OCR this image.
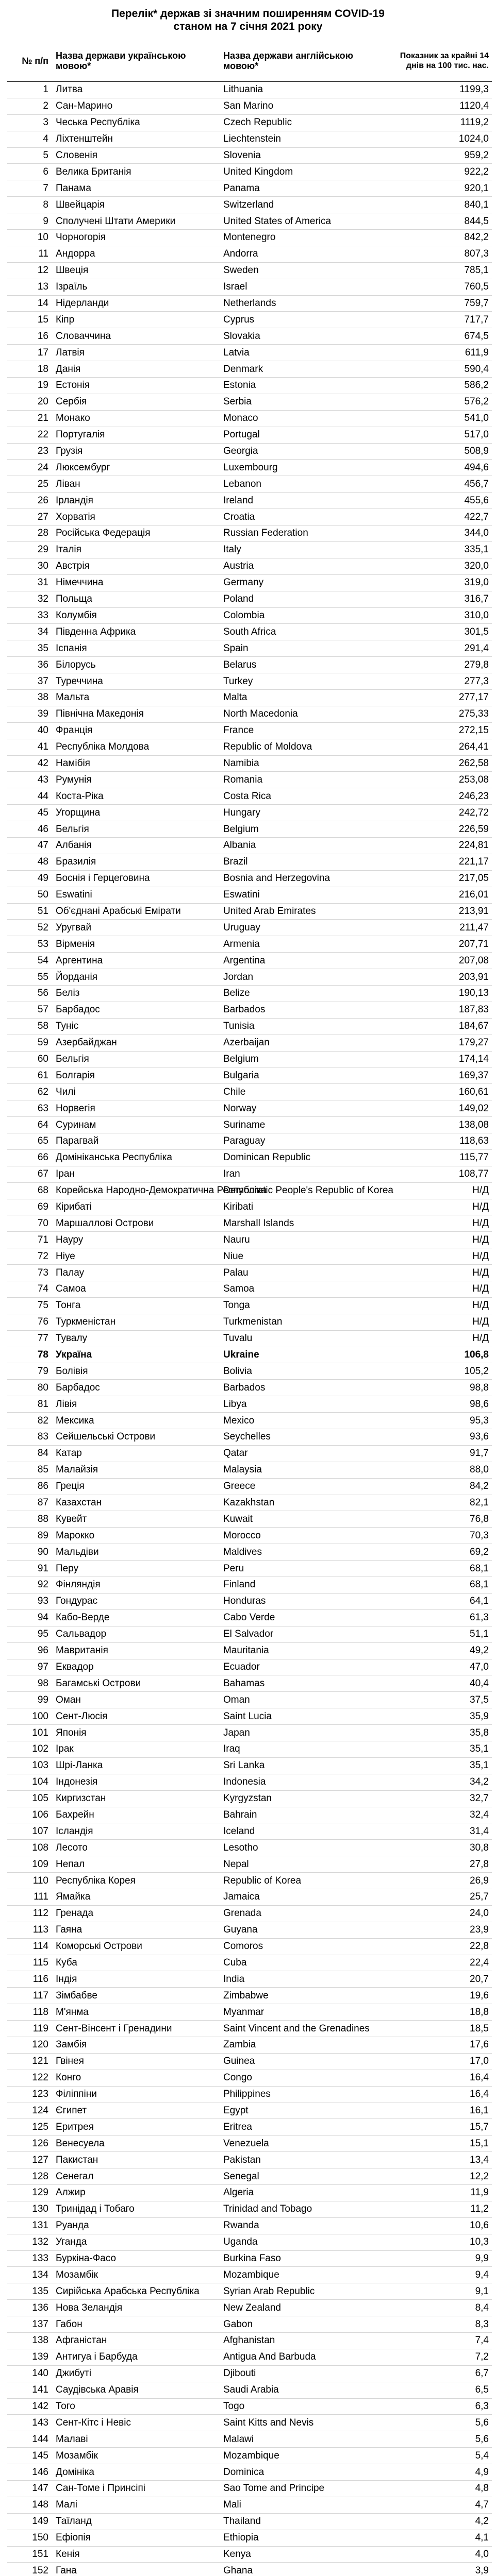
Перелік* держав зі значним поширенням COVID-19
станом на 7 січня 2021 року
№ п/п	Назва держави українською мовою*	Назва держави англійською мовою*	Показник за крайні 14 днів на 100 тис. нас.
1	Литва	Lithuania	1199,3
2	Сан-Марино	San Marino	1120,4
3	Чеська Республіка	Czech Republic	1119,2
4	Ліхтенштейн	Liechtenstein	1024,0
5	Словенія	Slovenia	959,2
6	Велика Британія	United Kingdom	922,2
7	Панама	Panama	920,1
8	Швейцарія	Switzerland	840,1
9	Сполучені Штати Америки	United States of America	844,5
10	Чорногорія	Montenegro	842,2
11	Андорра	Andorra	807,3
12	Швеція	Sweden	785,1
13	Ізраїль	Israel	760,5
14	Нідерланди	Netherlands	759,7
15	Кіпр	Cyprus	717,7
16	Словаччина	Slovakia	674,5
17	Латвія	Latvia	611,9
18	Данія	Denmark	590,4
19	Естонія	Estonia	586,2
20	Сербія	Serbia	576,2
21	Монако	Monaco	541,0
22	Португалія	Portugal	517,0
23	Грузія	Georgia	508,9
24	Люксембург	Luxembourg	494,6
25	Ліван	Lebanon	456,7
26	Ірландія	Ireland	455,6
27	Хорватія	Croatia	422,7
28	Російська Федерація	Russian Federation	344,0
29	Італія	Italy	335,1
30	Австрія	Austria	320,0
31	Німеччина	Germany	319,0
32	Польща	Poland	316,7
33	Колумбія	Colombia	310,0
34	Південна Африка	South Africa	301,5
35	Іспанія	Spain	291,4
36	Білорусь	Belarus	279,8
37	Туреччина	Turkey	277,3
38	Мальта	Malta	277,17
39	Північна Македонія	North Macedonia	275,33
40	Франція	France	272,15
41	Республіка Молдова	Republic of Moldova	264,41
42	Намібія	Namibia	262,58
43	Румунія	Romania	253,08
44	Коста-Ріка	Costa Rica	246,23
45	Угорщина	Hungary	242,72
46	Бельгія	Belgium	226,59
47	Албанія	Albania	224,81
48	Бразилія	Brazil	221,17
49	Боснія і Герцеговина	Bosnia and Herzegovina	217,05
50	Еswatini	Eswatini	216,01
51	Об'єднані Арабські Емірати	United Arab Emirates	213,91
52	Уругвай	Uruguay	211,47
53	Вірменія	Armenia	207,71
54	Аргентина	Argentina	207,08
55	Йорданія	Jordan	203,91
56	Беліз	Belize	190,13
57	Барбадос	Barbados	187,83
58	Туніс	Tunisia	184,67
59	Азербайджан	Azerbaijan	179,27
60	Бельгія	Belgium	174,14
61	Болгарія	Bulgaria	169,37
62	Чилі	Chile	160,61
63	Норвегія	Norway	149,02
64	Суринам	Suriname	138,08
65	Парагвай	Paraguay	118,63
66	Домініканська Республіка	Dominican Republic	115,77
67	Іран	Iran	108,77
68	Корейська Народно-Демократична Республіка	Democratic People's Republic of Korea	Н/Д
69	Кірибаті	Kiribati	Н/Д
70	Маршаллові Острови	Marshall Islands	Н/Д
71	Науру	Nauru	Н/Д
72	Ніуе	Niue	Н/Д
73	Палау	Palau	Н/Д
74	Самоа	Samoa	Н/Д
75	Тонга	Tonga	Н/Д
76	Туркменістан	Turkmenistan	Н/Д
77	Тувалу	Tuvalu	Н/Д
78	Україна	Ukraine	106,8
79	Болівія	Bolivia	105,2
80	Барбадос	Barbados	98,8
81	Лівія	Libya	98,6
82	Мексика	Mexico	95,3
83	Сейшельські Острови	Seychelles	93,6
84	Катар	Qatar	91,7
85	Малайзія	Malaysia	88,0
86	Греція	Greece	84,2
87	Казахстан	Kazakhstan	82,1
88	Кувейт	Kuwait	76,8
89	Марокко	Morocco	70,3
90	Мальдіви	Maldives	69,2
91	Перу	Peru	68,1
92	Фінляндія	Finland	68,1
93	Гондурас	Honduras	64,1
94	Кабо-Верде	Cabo Verde	61,3
95	Сальвадор	El Salvador	51,1
96	Мавританія	Mauritania	49,2
97	Еквадор	Ecuador	47,0
98	Багамські Острови	Bahamas	40,4
99	Оман	Oman	37,5
100	Сент-Люсія	Saint Lucia	35,9
101	Японія	Japan	35,8
102	Ірак	Iraq	35,1
103	Шрі-Ланка	Sri Lanka	35,1
104	Індонезія	Indonesia	34,2
105	Киргизстан	Kyrgyzstan	32,7
106	Бахрейн	Bahrain	32,4
107	Ісландія	Iceland	31,4
108	Лесото	Lesotho	30,8
109	Непал	Nepal	27,8
110	Республіка Корея	Republic of Korea	26,9
111	Ямайка	Jamaica	25,7
112	Гренада	Grenada	24,0
113	Гаяна	Guyana	23,9
114	Коморські Острови	Comoros	22,8
115	Куба	Cuba	22,4
116	Індія	India	20,7
117	Зімбабве	Zimbabwe	19,6
118	М'янма	Myanmar	18,8
119	Сент-Вінсент і Гренадини	Saint Vincent and the Grenadines	18,5
120	Замбія	Zambia	17,6
121	Гвінея	Guinea	17,0
122	Конго	Congo	16,4
123	Філіппіни	Philippines	16,4
124	Єгипет	Egypt	16,1
125	Еритрея	Eritrea	15,7
126	Венесуела	Venezuela	15,1
127	Пакистан	Pakistan	13,4
128	Сенегал	Senegal	12,2
129	Алжир	Algeria	11,9
130	Тринідад і Тобаго	Trinidad and Tobago	11,2
131	Руанда	Rwanda	10,6
132	Уганда	Uganda	10,3
133	Буркіна-Фасо	Burkina Faso	9,9
134	Мозамбік	Mozambique	9,4
135	Сирійська Арабська Республіка	Syrian Arab Republic	9,1
136	Нова Зеландія	New Zealand	8,4
137	Габон	Gabon	8,3
138	Афганістан	Afghanistan	7,4
139	Антигуа і Барбуда	Antigua And Barbuda	7,2
140	Джибуті	Djibouti	6,7
141	Саудівська Аравія	Saudi Arabia	6,5
142	Того	Togo	6,3
143	Сент-Кітс і Невіс	Saint Kitts and Nevis	5,6
144	Малаві	Malawi	5,6
145	Мозамбік	Mozambique	5,4
146	Домініка	Dominica	4,9
147	Сан-Томе і Принсіпі	Sao Tome and Principe	4,8
148	Малі	Mali	4,7
149	Таїланд	Thailand	4,2
150	Ефіопія	Ethiopia	4,1
151	Кенія	Kenya	4,0
152	Гана	Ghana	3,9
